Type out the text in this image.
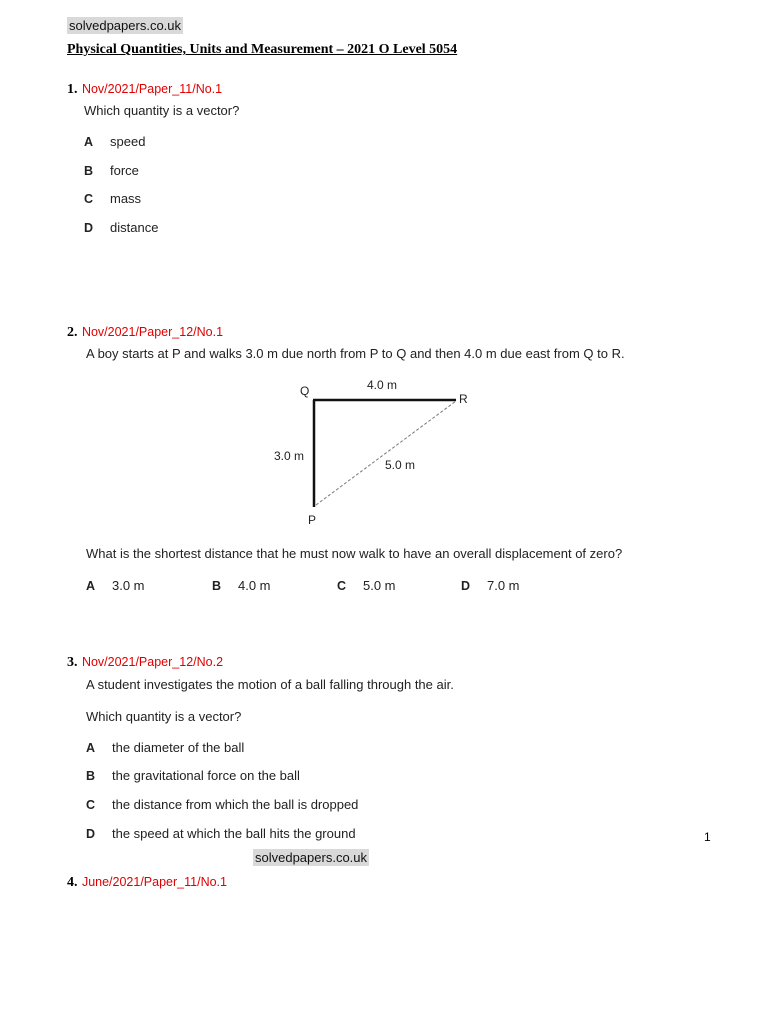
solvedpapers.co.uk
Physical Quantities, Units and Measurement – 2021 O Level 5054
1. Nov/2021/Paper_11/No.1
Which quantity is a vector?
A speed
B force
C mass
D distance
2. Nov/2021/Paper_12/No.1
A boy starts at P and walks 3.0 m due north from P to Q and then 4.0 m due east from Q to R.
Q	4.0 m
R
3.0 m
5.0 m
P
What is the shortest distance that he must now walk to have an overall displacement of zero?
A 3.0 m	B 4.0 m	C 5.0 m	D 7.0 m
3. Nov/2021/Paper_12/No.2
A student investigates the motion of a ball falling through the air.
Which quantity is a vector?
A the diameter of the ball
B the gravitational force on the ball
C the distance from which the ball is dropped
D the speed at which the ball hits the ground	1
solvedpapers.co.uk
4. June/2021/Paper_11/No.1
